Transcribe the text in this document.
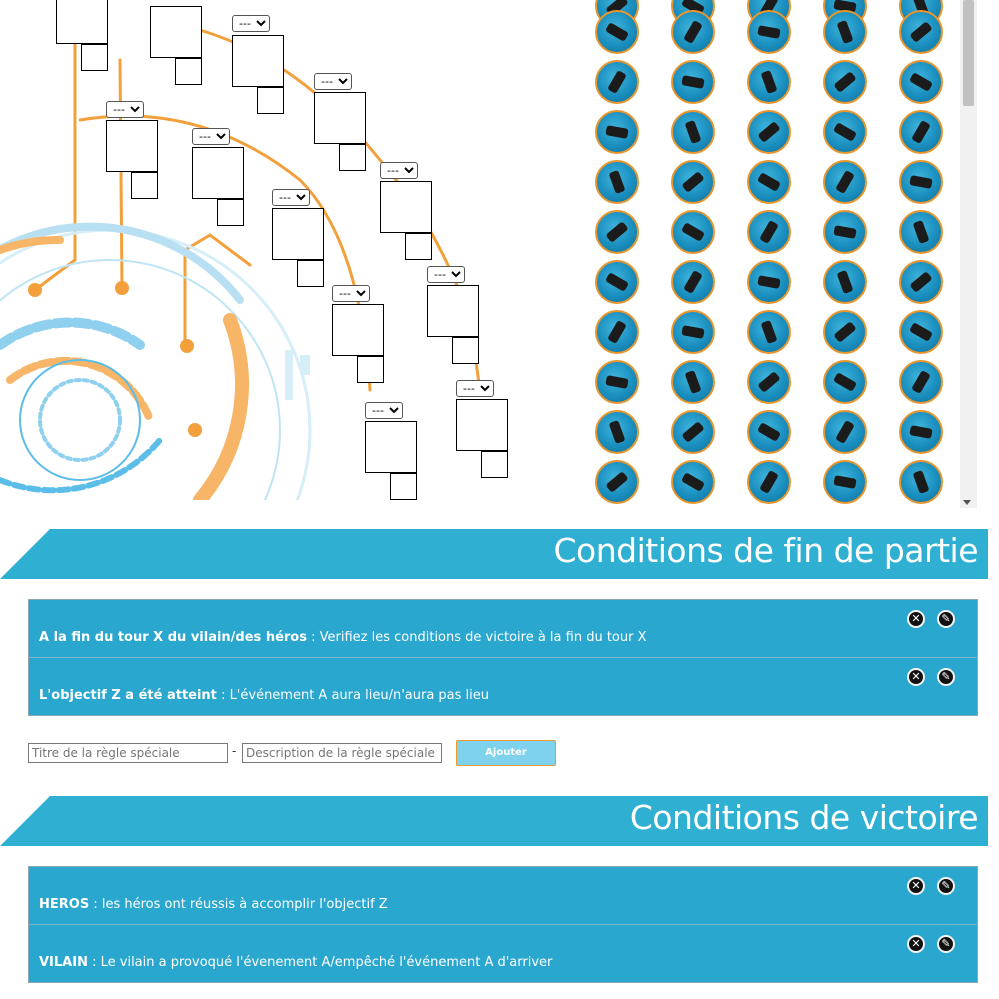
---
---
---
---
---
---
---
---
---
---
Conditions de fin de partie
✕	✎
A la fin du tour X du vilain/des héros : Verifiez les conditions de victoire à la fin du tour X
✕	✎
L'objectif Z a été atteint : L'événement A aura lieu/n'aura pas lieu
Titre de la règle spéciale
-
Description de la règle spéciale	Ajouter
Conditions de victoire
✕	✎
HEROS : les héros ont réussis à accomplir l'objectif Z
✕	✎
VILAIN : Le vilain a provoqué l'évenement A/empêché l'événement A d'arriver
